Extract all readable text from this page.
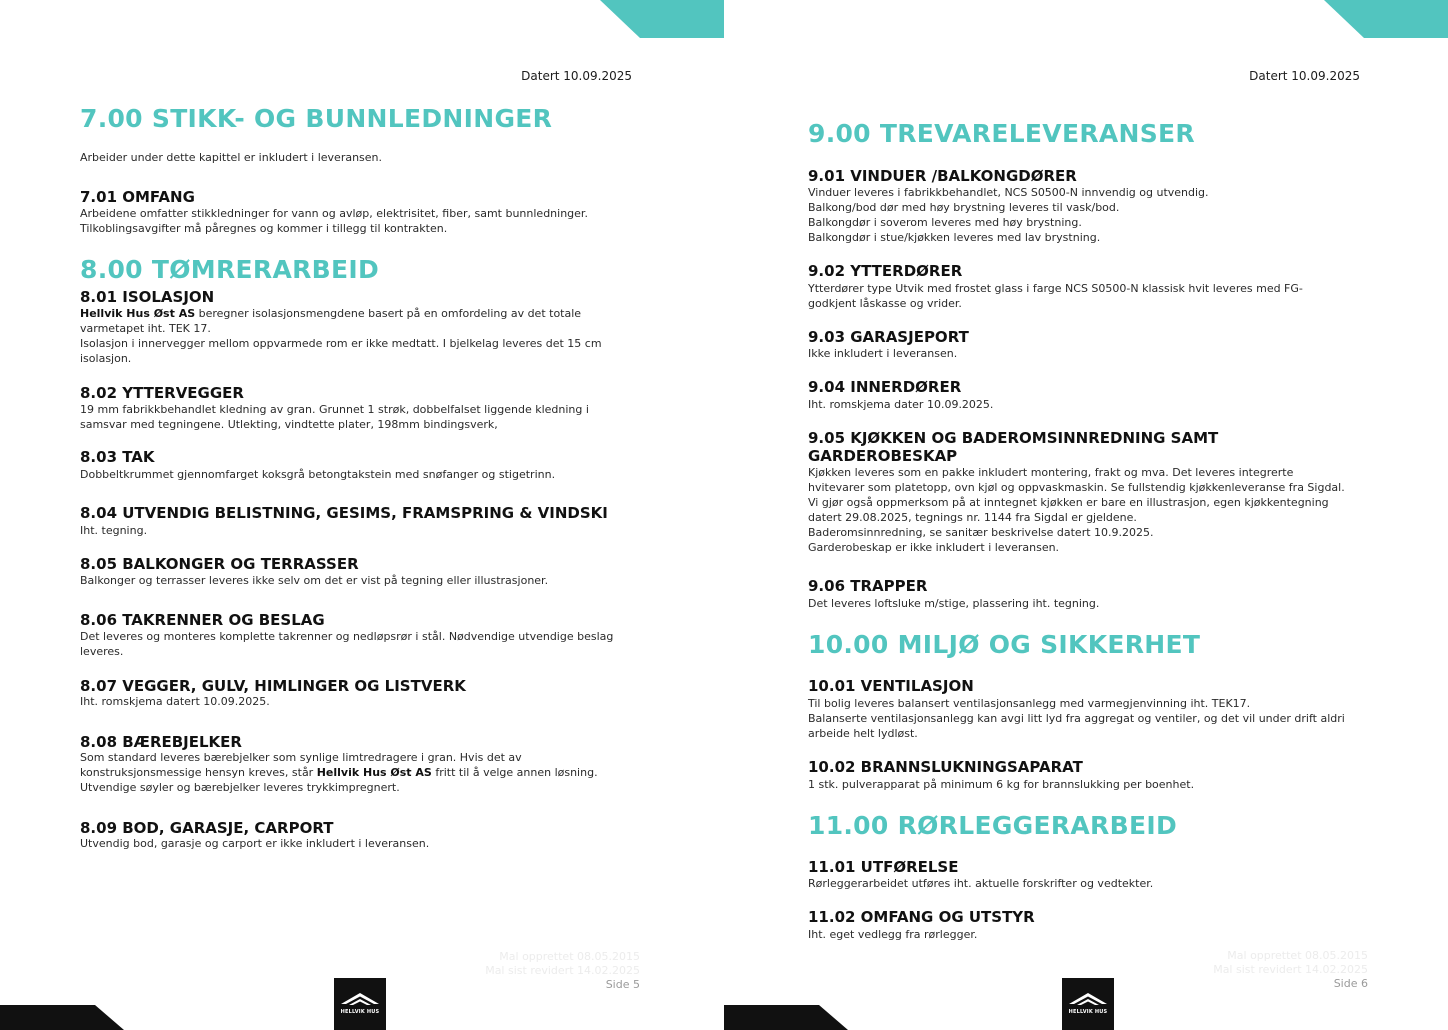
Datert 10.09.2025
7.00 STIKK- OG BUNNLEDNINGER
Arbeider under dette kapittel er inkludert i leveransen.
7.01 OMFANG
Arbeidene omfatter stikkledninger for vann og avløp, elektrisitet, fiber, samt bunnledninger.
Tilkoblingsavgifter må påregnes og kommer i tillegg til kontrakten.
8.00 TØMRERARBEID
8.01 ISOLASJON
Hellvik Hus Øst AS beregner isolasjonsmengdene basert på en omfordeling av det totale varmetapet iht. TEK 17.
Isolasjon i innervegger mellom oppvarmede rom er ikke medtatt. I bjelkelag leveres det 15 cm isolasjon.
8.02 YTTERVEGGER
19 mm fabrikkbehandlet kledning av gran. Grunnet 1 strøk, dobbelfalset liggende kledning i samsvar med tegningene. Utlekting, vindtette plater, 198mm bindingsverk,
8.03 TAK
Dobbeltkrummet gjennomfarget koksgrå betongtakstein med snøfanger og stigetrinn.
8.04 UTVENDIG BELISTNING, GESIMS, FRAMSPRING & VINDSKI
Iht. tegning.
8.05 BALKONGER OG TERRASSER
Balkonger og terrasser leveres ikke selv om det er vist på tegning eller illustrasjoner.
8.06 TAKRENNER OG BESLAG
Det leveres og monteres komplette takrenner og nedløpsrør i stål. Nødvendige utvendige beslag leveres.
8.07 VEGGER, GULV, HIMLINGER OG LISTVERK
Iht. romskjema datert 10.09.2025.
8.08 BÆREBJELKER
Som standard leveres bærebjelker som synlige limtredragere i gran. Hvis det av konstruksjonsmessige hensyn kreves, står Hellvik Hus Øst AS fritt til å velge annen løsning.
Utvendige søyler og bærebjelker leveres trykkimpregnert.
8.09 BOD, GARASJE, CARPORT
Utvendig bod, garasje og carport er ikke inkludert i leveransen.
Mal opprettet 08.05.2015
Mal sist revidert 14.02.2025
Side 5
HELLVIK HUS
Datert 10.09.2025
9.00 TREVARELEVERANSER
9.01 VINDUER /BALKONGDØRER
Vinduer leveres i fabrikkbehandlet, NCS S0500-N innvendig og utvendig.
Balkong/bod dør med høy brystning leveres til vask/bod.
Balkongdør i soverom leveres med høy brystning.
Balkongdør i stue/kjøkken leveres med lav brystning.
9.02 YTTERDØRER
Ytterdører type Utvik med frostet glass i farge NCS S0500-N klassisk hvit leveres med FG-godkjent låskasse og vrider.
9.03 GARASJEPORT
Ikke inkludert i leveransen.
9.04 INNERDØRER
Iht. romskjema dater 10.09.2025.
9.05 KJØKKEN OG BADEROMSINNREDNING SAMT GARDEROBESKAP
Kjøkken leveres som en pakke inkludert montering, frakt og mva. Det leveres integrerte hvitevarer som platetopp, ovn kjøl og oppvaskmaskin. Se fullstendig kjøkkenleveranse fra Sigdal. Vi gjør også oppmerksom på at inntegnet kjøkken er bare en illustrasjon, egen kjøkkentegning datert 29.08.2025, tegnings nr. 1144 fra Sigdal er gjeldene.
Baderomsinnredning, se sanitær beskrivelse datert 10.9.2025.
Garderobeskap er ikke inkludert i leveransen.
9.06 TRAPPER
Det leveres loftsluke m/stige, plassering iht. tegning.
10.00 MILJØ OG SIKKERHET
10.01 VENTILASJON
Til bolig leveres balansert ventilasjonsanlegg med varmegjenvinning iht. TEK17.
Balanserte ventilasjonsanlegg kan avgi litt lyd fra aggregat og ventiler, og det vil under drift aldri arbeide helt lydløst.
10.02 BRANNSLUKNINGSAPARAT
1 stk. pulverapparat på minimum 6 kg for brannslukking per boenhet.
11.00 RØRLEGGERARBEID
11.01 UTFØRELSE
Rørleggerarbeidet utføres iht. aktuelle forskrifter og vedtekter.
11.02 OMFANG OG UTSTYR
Iht. eget vedlegg fra rørlegger.
Mal opprettet 08.05.2015
Mal sist revidert 14.02.2025
Side 6
HELLVIK HUS
